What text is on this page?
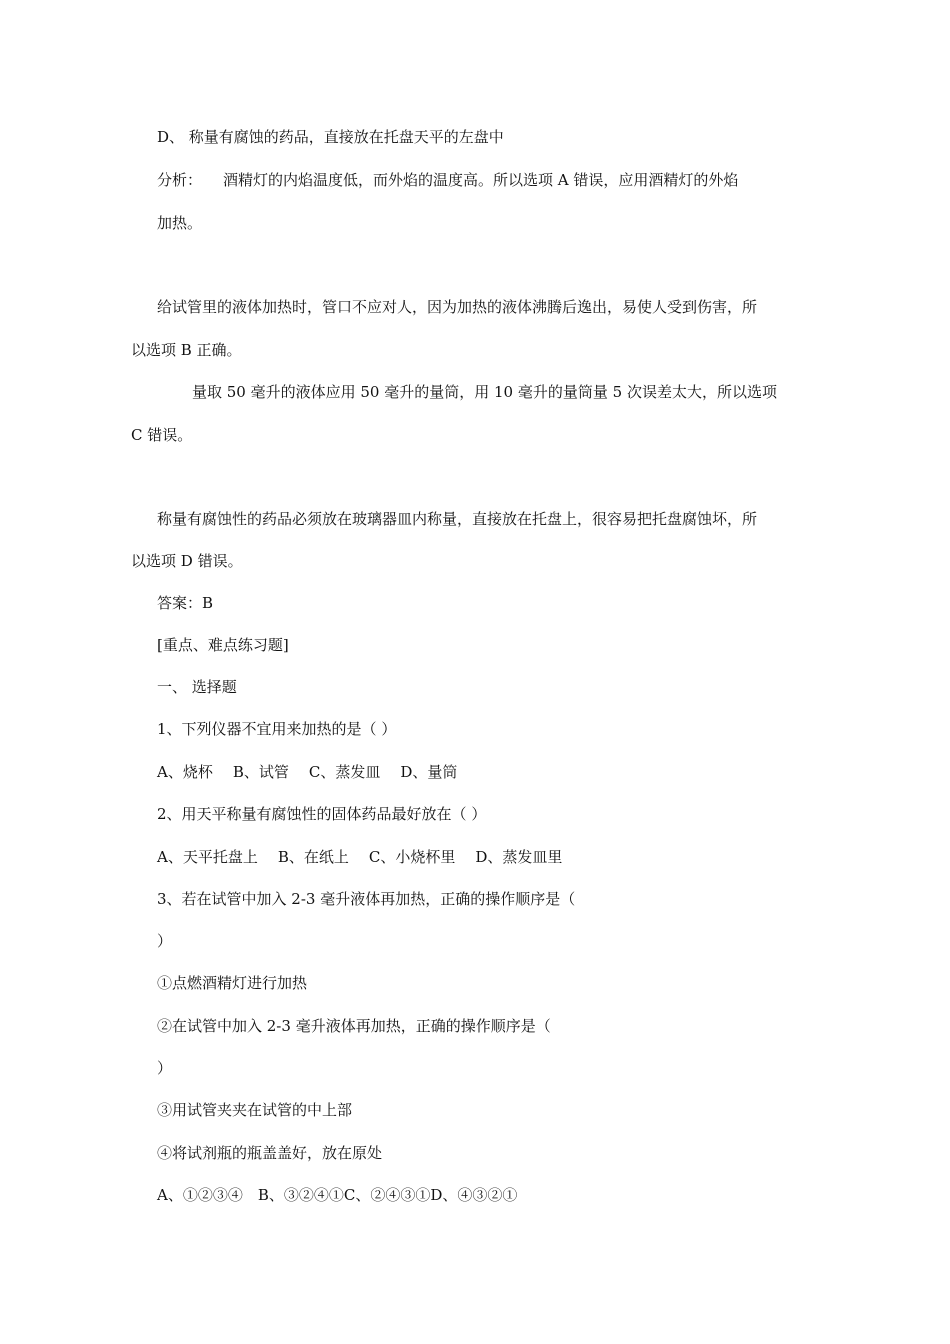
D、 称量有腐蚀的药品，直接放在托盘天平的左盘中
分析： 酒精灯的内焰温度低，而外焰的温度高。所以选项 A 错误，应用酒精灯的外焰
加热。
给试管里的液体加热时，管口不应对人，因为加热的液体沸腾后逸出，易使人受到伤害，所
以选项 B 正确。
量取 50 毫升的液体应用 50 毫升的量筒，用 10 毫升的量筒量 5 次误差太大，所以选项
C 错误。
称量有腐蚀性的药品必须放在玻璃器皿内称量，直接放在托盘上，很容易把托盘腐蚀坏，所
以选项 D 错误。
答案：B
[重点、难点练习题]
一、 选择题
1、下列仪器不宜用来加热的是（ ）
A、烧杯 B、试管 C、蒸发皿 D、量筒
2、用天平称量有腐蚀性的固体药品最好放在（ ）
A、天平托盘上 B、在纸上 C、小烧杯里 D、蒸发皿里
3、若在试管中加入 2-3 毫升液体再加热，正确的操作顺序是（
）
①点燃酒精灯进行加热
②在试管中加入 2-3 毫升液体再加热，正确的操作顺序是（
）
③用试管夹夹在试管的中上部
④将试剂瓶的瓶盖盖好，放在原处
A、①②③④　B、③②④①C、②④③①D、④③②①
